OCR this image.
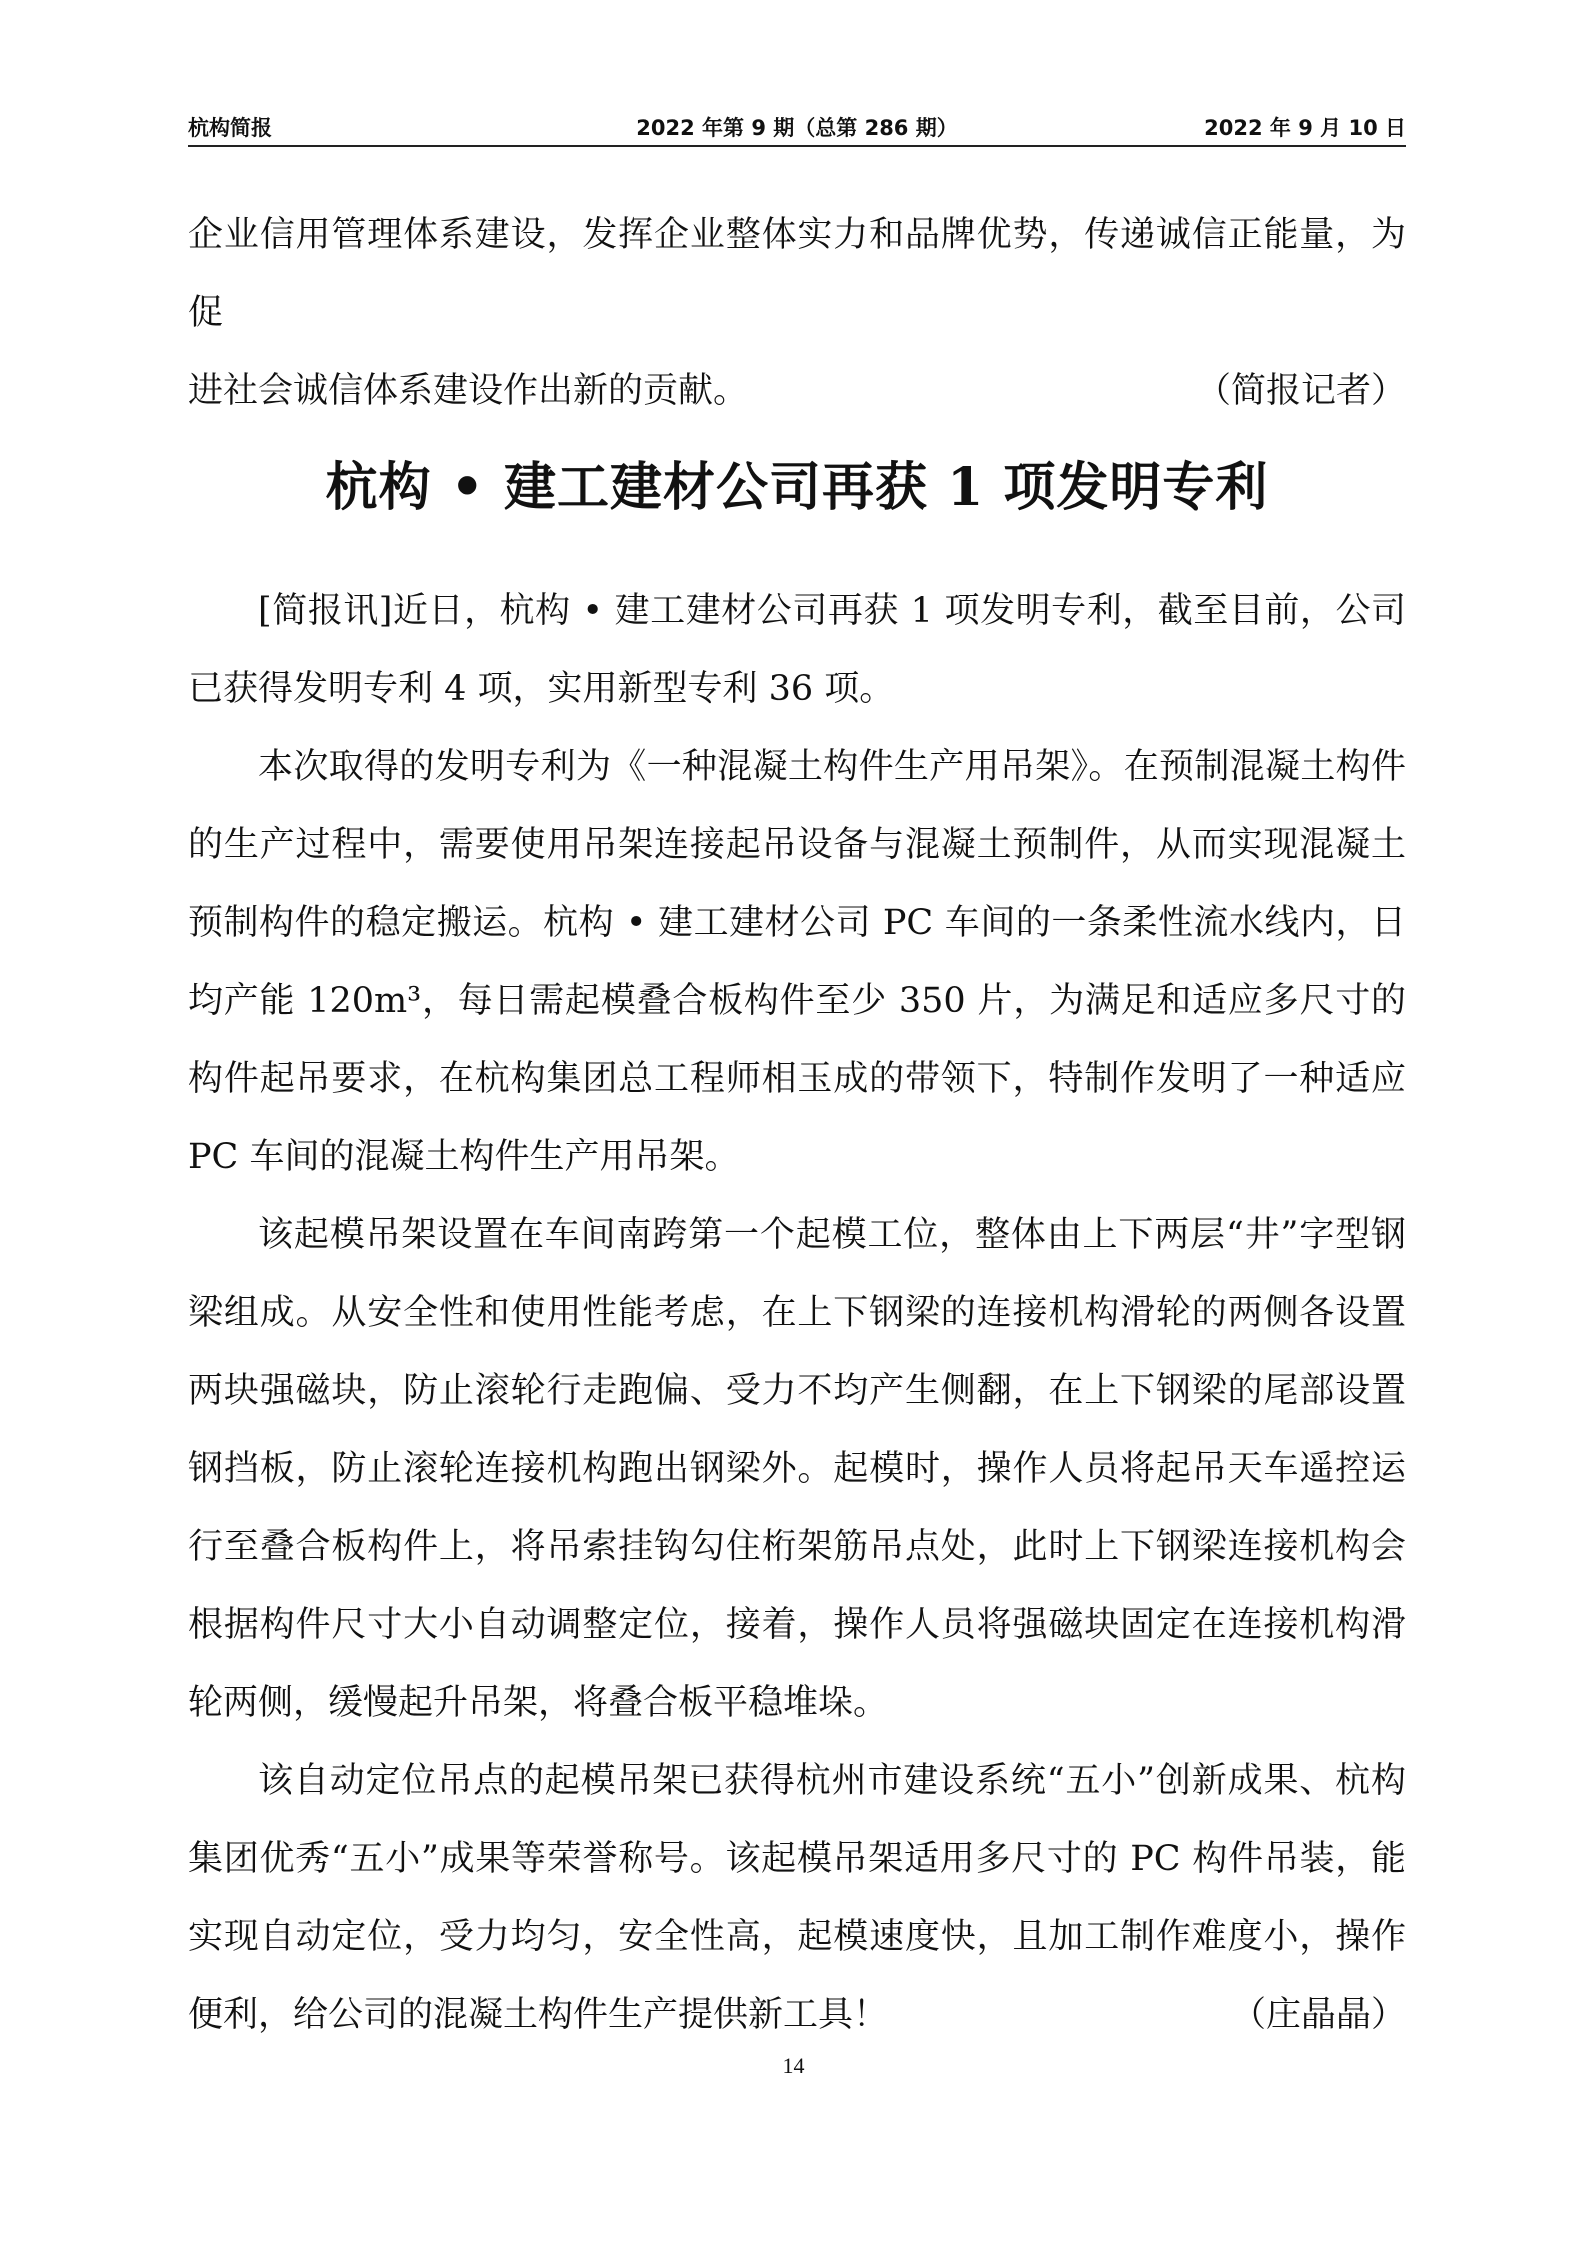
杭构简报	2022 年第 9 期（总第 286 期）	2022 年 9 月 10 日

企业信用管理体系建设，发挥企业整体实力和品牌优势，传递诚信正能量，为促

进社会诚信体系建设作出新的贡献。	（简报记者）

杭构 • 建工建材公司再获 1 项发明专利

[简报讯]近日，杭构 • 建工建材公司再获 1 项发明专利，截至目前，公司已获得发明专利 4 项，实用新型专利 36 项。

本次取得的发明专利为《一种混凝土构件生产用吊架》。在预制混凝土构件的生产过程中，需要使用吊架连接起吊设备与混凝土预制件，从而实现混凝土预制构件的稳定搬运。杭构 • 建工建材公司 PC 车间的一条柔性流水线内，日均产能 120m³，每日需起模叠合板构件至少 350 片，为满足和适应多尺寸的构件起吊要求，在杭构集团总工程师相玉成的带领下，特制作发明了一种适应 PC 车间的混凝土构件生产用吊架。

该起模吊架设置在车间南跨第一个起模工位，整体由上下两层“井”字型钢梁组成。从安全性和使用性能考虑，在上下钢梁的连接机构滑轮的两侧各设置两块强磁块，防止滚轮行走跑偏、受力不均产生侧翻，在上下钢梁的尾部设置钢挡板，防止滚轮连接机构跑出钢梁外。起模时，操作人员将起吊天车遥控运行至叠合板构件上，将吊索挂钩勾住桁架筋吊点处，此时上下钢梁连接机构会根据构件尺寸大小自动调整定位，接着，操作人员将强磁块固定在连接机构滑轮两侧，缓慢起升吊架，将叠合板平稳堆垛。

该自动定位吊点的起模吊架已获得杭州市建设系统“五小”创新成果、杭构集团优秀“五小”成果等荣誉称号。该起模吊架适用多尺寸的 PC 构件吊装，能实现自动定位，受力均匀，安全性高，起模速度快，且加工制作难度小，操作便利，给公司的混凝土构件生产提供新工具！	（庄晶晶）

14
